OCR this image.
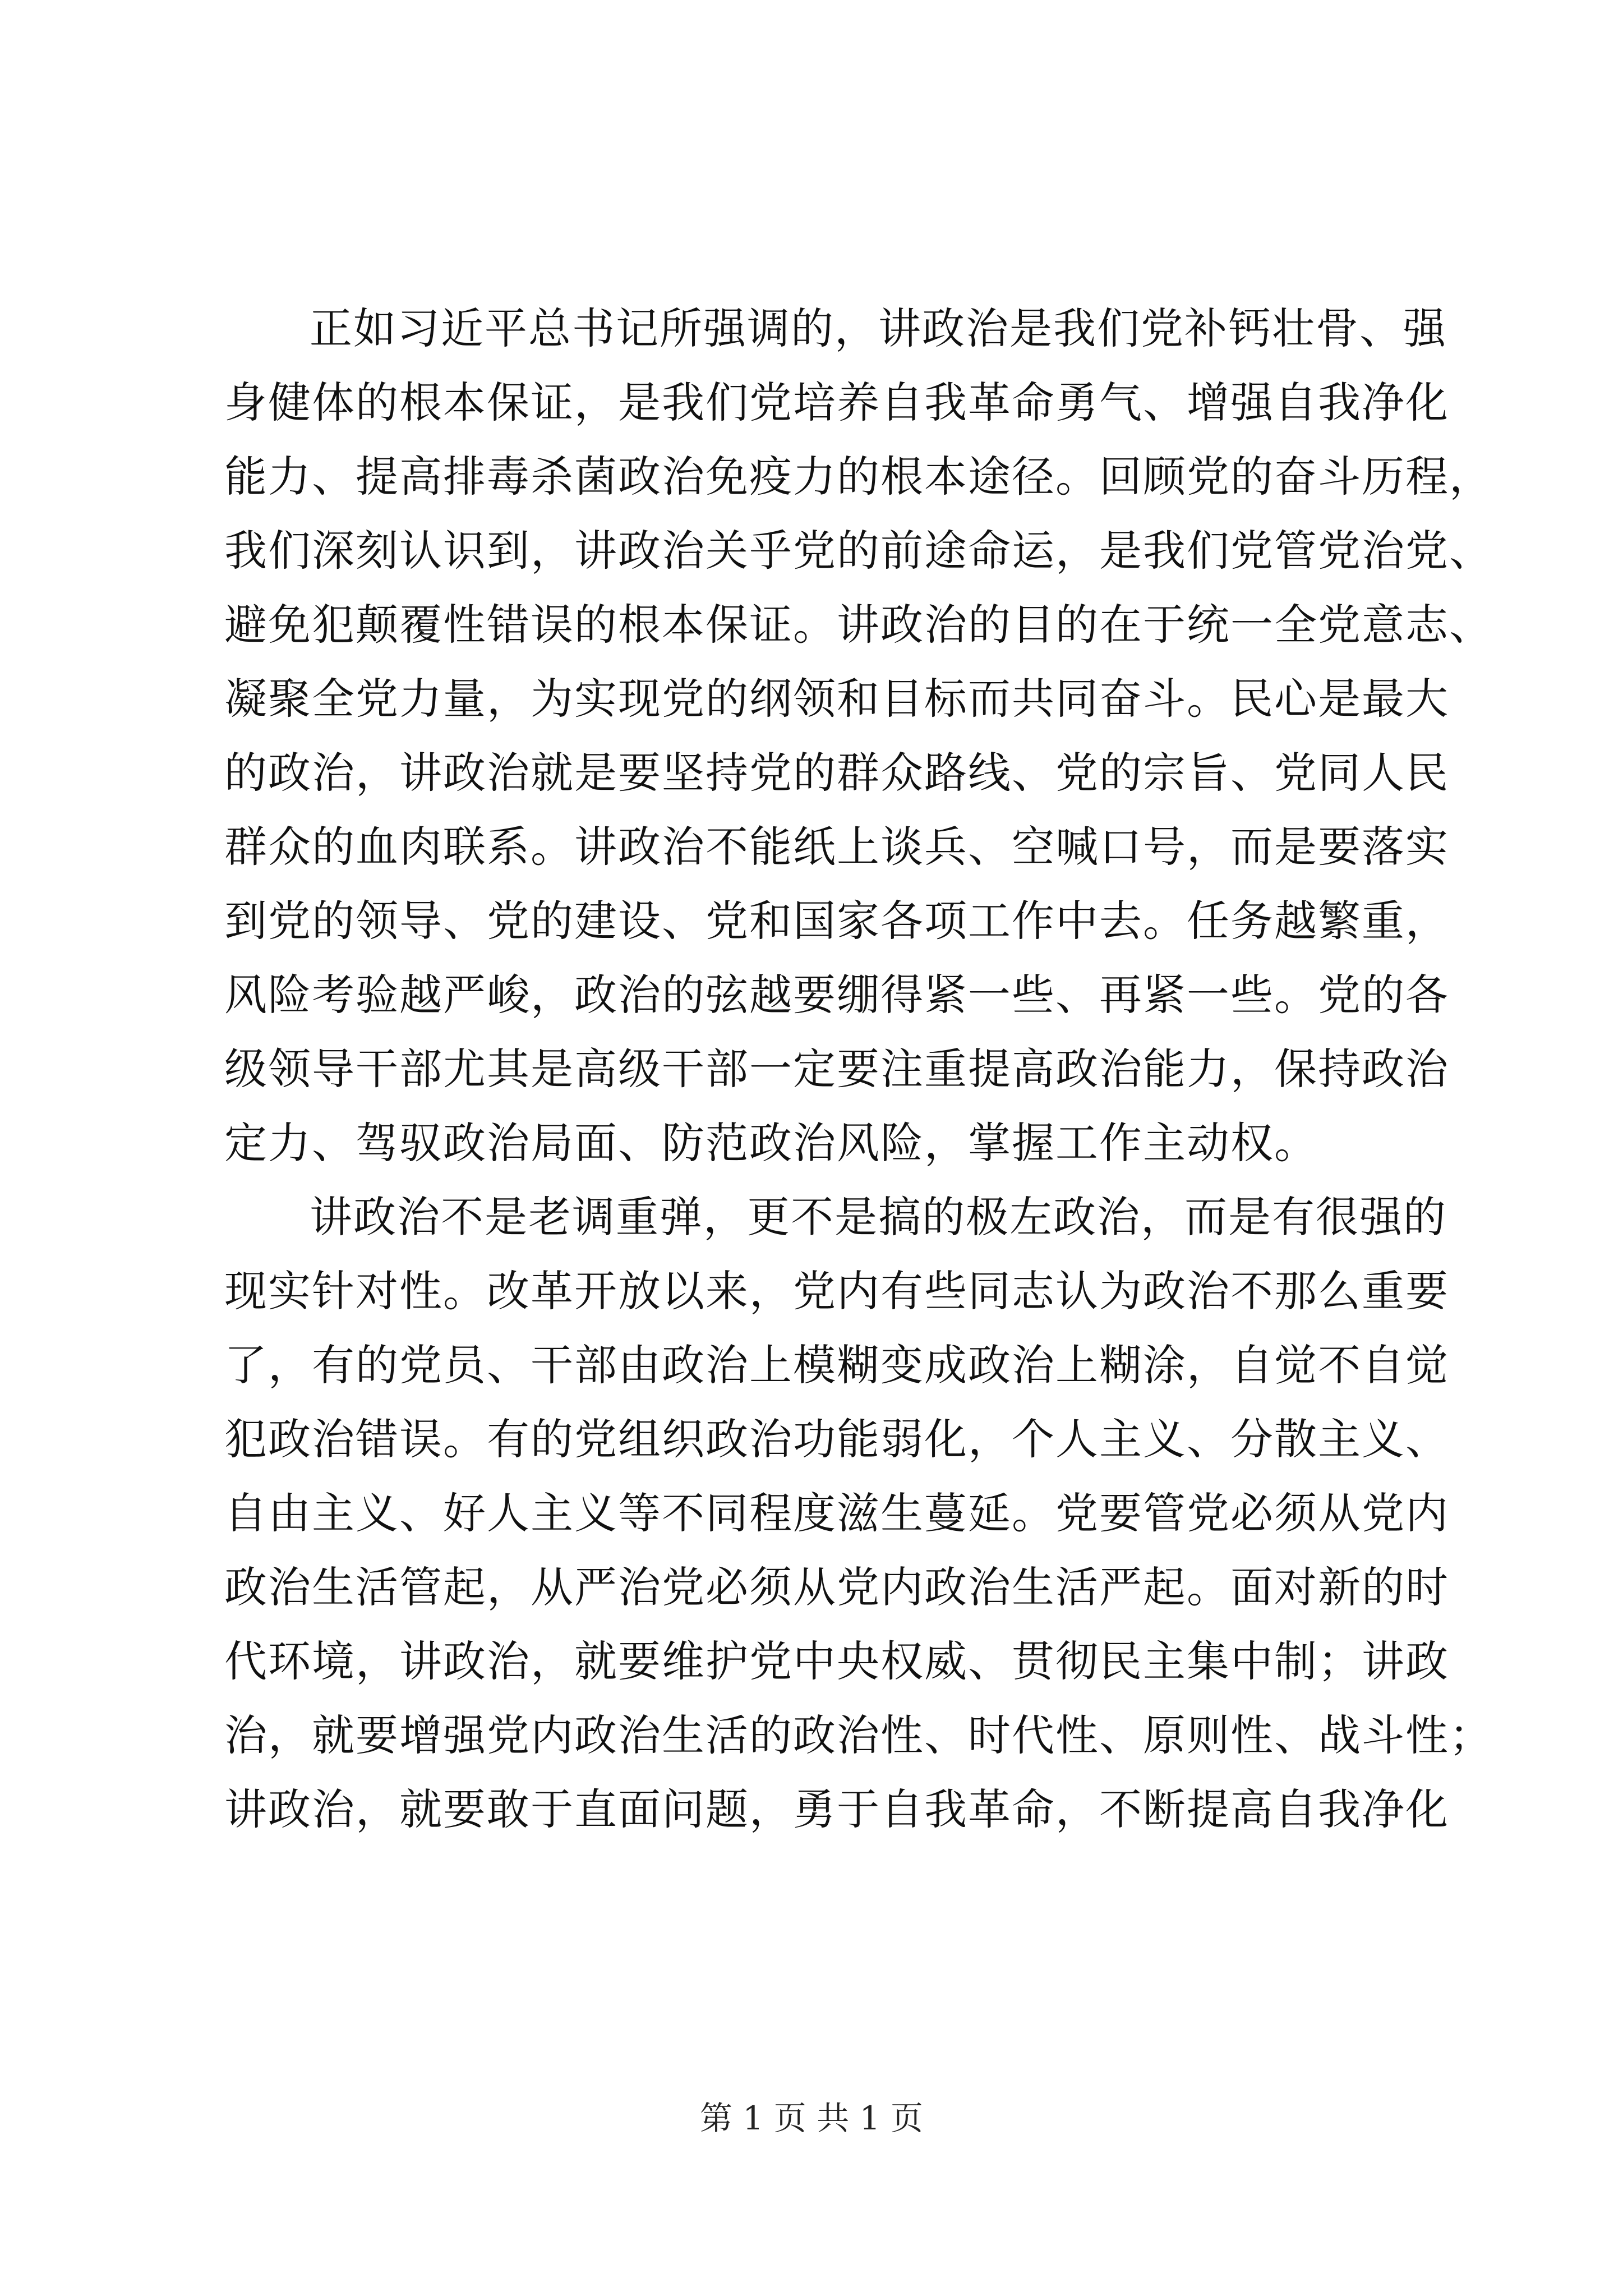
正如习近平总书记所强调的，讲政治是我们党补钙壮骨、强
身健体的根本保证，是我们党培养自我革命勇气、增强自我净化
能力、提高排毒杀菌政治免疫力的根本途径。回顾党的奋斗历程，
我们深刻认识到，讲政治关乎党的前途命运，是我们党管党治党、
避免犯颠覆性错误的根本保证。讲政治的目的在于统一全党意志、
凝聚全党力量，为实现党的纲领和目标而共同奋斗。民心是最大
的政治，讲政治就是要坚持党的群众路线、党的宗旨、党同人民
群众的血肉联系。讲政治不能纸上谈兵、空喊口号，而是要落实
到党的领导、党的建设、党和国家各项工作中去。任务越繁重，
风险考验越严峻，政治的弦越要绷得紧一些、再紧一些。党的各
级领导干部尤其是高级干部一定要注重提高政治能力，保持政治
定力、驾驭政治局面、防范政治风险，掌握工作主动权。
讲政治不是老调重弹，更不是搞的极左政治，而是有很强的
现实针对性。改革开放以来，党内有些同志认为政治不那么重要
了，有的党员、干部由政治上模糊变成政治上糊涂，自觉不自觉
犯政治错误。有的党组织政治功能弱化，个人主义、分散主义、
自由主义、好人主义等不同程度滋生蔓延。党要管党必须从党内
政治生活管起，从严治党必须从党内政治生活严起。面对新的时
代环境，讲政治，就要维护党中央权威、贯彻民主集中制；讲政
治，就要增强党内政治生活的政治性、时代性、原则性、战斗性；
讲政治，就要敢于直面问题，勇于自我革命，不断提高自我净化
第 1 页 共 1 页
